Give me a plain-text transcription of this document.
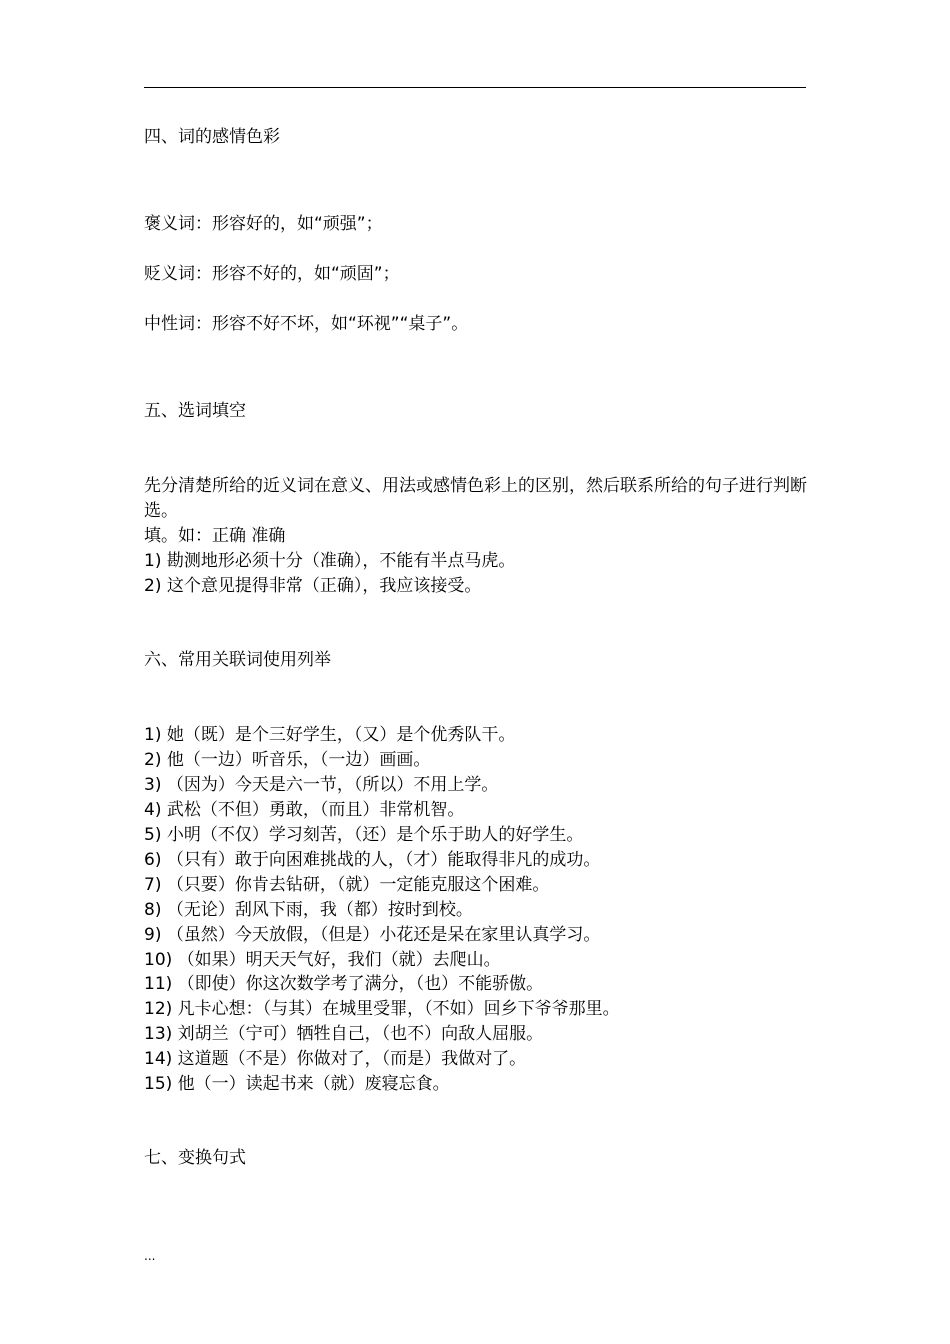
四、词的感情色彩
褒义词：形容好的，如“顽强”；
贬义词：形容不好的，如“顽固”；
中性词：形容不好不坏，如“环视”“桌子”。
五、选词填空
先分清楚所给的近义词在意义、用法或感情色彩上的区别，然后联系所给的句子进行判断选。
填。如：正确 准确
1) 勘测地形必须十分（准确），不能有半点马虎。
2) 这个意见提得非常（正确），我应该接受。
六、常用关联词使用列举
1) 她（既）是个三好学生，（又）是个优秀队干。
2) 他（一边）听音乐，（一边）画画。
3) （因为）今天是六一节，（所以）不用上学。
4) 武松（不但）勇敢，（而且）非常机智。
5) 小明（不仅）学习刻苦，（还）是个乐于助人的好学生。
6) （只有）敢于向困难挑战的人，（才）能取得非凡的成功。
7) （只要）你肯去钻研，（就）一定能克服这个困难。
8) （无论）刮风下雨，我（都）按时到校。
9) （虽然）今天放假，（但是）小花还是呆在家里认真学习。
10) （如果）明天天气好，我们（就）去爬山。
11) （即使）你这次数学考了满分，（也）不能骄傲。
12) 凡卡心想：（与其）在城里受罪，（不如）回乡下爷爷那里。
13) 刘胡兰（宁可）牺牲自己，（也不）向敌人屈服。
14) 这道题（不是）你做对了，（而是）我做对了。
15) 他（一）读起书来（就）废寝忘食。
七、变换句式
...
